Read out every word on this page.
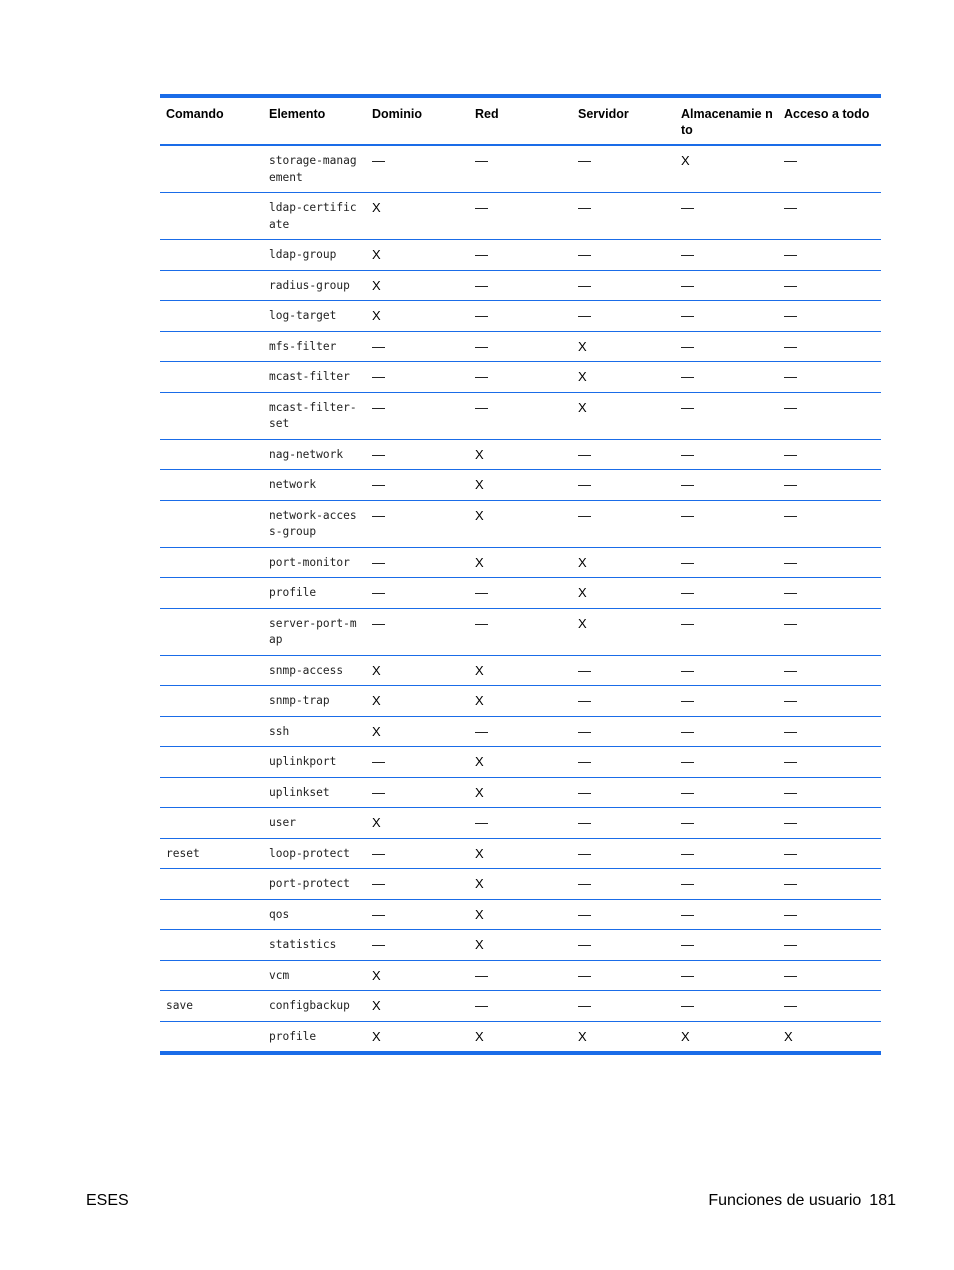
Comando	Elemento	Dominio	Red	Servidor	Almacenamie nto	Acceso a todo
	storage-management	—	—	—	X	—
	ldap-certificate	X	—	—	—	—
	ldap-group	X	—	—	—	—
	radius-group	X	—	—	—	—
	log-target	X	—	—	—	—
	mfs-filter	—	—	X	—	—
	mcast-filter	—	—	X	—	—
	mcast-filter-set	—	—	X	—	—
	nag-network	—	X	—	—	—
	network	—	X	—	—	—
	network-access-group	—	X	—	—	—
	port-monitor	—	X	X	—	—
	profile	—	—	X	—	—
	server-port-map	—	—	X	—	—
	snmp-access	X	X	—	—	—
	snmp-trap	X	X	—	—	—
	ssh	X	—	—	—	—
	uplinkport	—	X	—	—	—
	uplinkset	—	X	—	—	—
	user	X	—	—	—	—
reset	loop-protect	—	X	—	—	—
	port-protect	—	X	—	—	—
	qos	—	X	—	—	—
	statistics	—	X	—	—	—
	vcm	X	—	—	—	—
save	configbackup	X	—	—	—	—
	profile	X	X	X	X	X
ESES	Funciones de usuario 181
